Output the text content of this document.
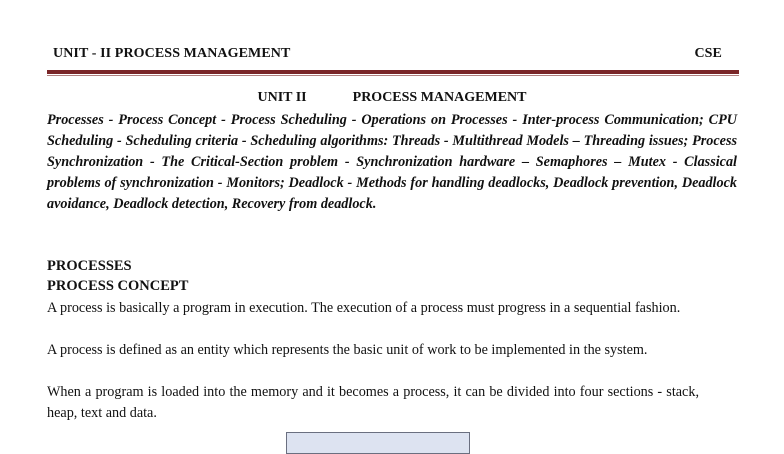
UNIT - II PROCESS MANAGEMENT	CSE
UNIT II	PROCESS MANAGEMENT
Processes - Process Concept - Process Scheduling - Operations on Processes - Inter-process Communication; CPU Scheduling - Scheduling criteria - Scheduling algorithms: Threads - Multithread Models – Threading issues; Process Synchronization - The Critical-Section problem - Synchronization hardware – Semaphores – Mutex - Classical problems of synchronization - Monitors; Deadlock - Methods for handling deadlocks, Deadlock prevention, Deadlock avoidance, Deadlock detection, Recovery from deadlock.
PROCESSES
PROCESS CONCEPT
A process is basically a program in execution. The execution of a process must progress in a sequential fashion.
A process is defined as an entity which represents the basic unit of work to be implemented in the system.
When a program is loaded into the memory and it becomes a process, it can be divided into four sections - stack, heap, text and data.
